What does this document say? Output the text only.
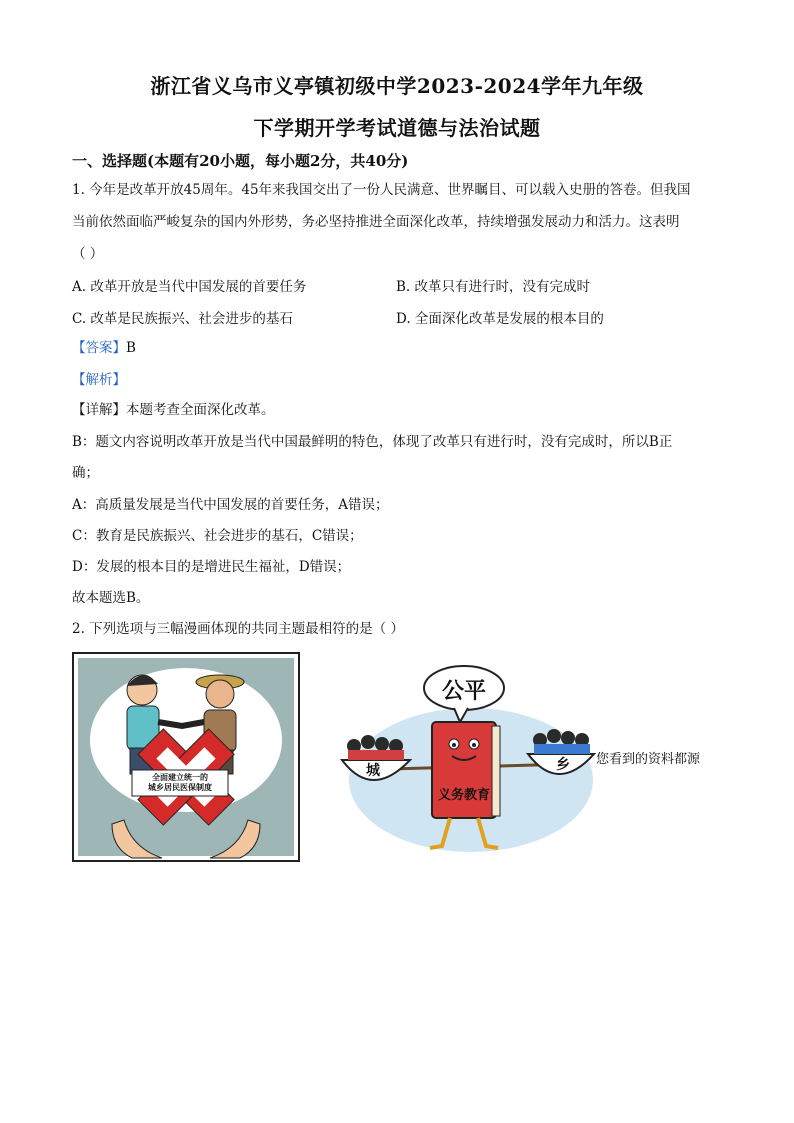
浙江省义乌市义亭镇初级中学2023-2024学年九年级
下学期开学考试道德与法治试题
一、选择题(本题有20小题，每小题2分，共40分)
1. 今年是改革开放45周年。45年来我国交出了一份人民满意、世界瞩目、可以载入史册的答卷。但我国
当前依然面临严峻复杂的国内外形势，务必坚持推进全面深化改革，持续增强发展动力和活力。这表明
（ ）
A. 改革开放是当代中国发展的首要任务	B. 改革只有进行时，没有完成时
C. 改革是民族振兴、社会进步的基石	D. 全面深化改革是发展的根本目的
【答案】B
【解析】
【详解】本题考查全面深化改革。
B：题文内容说明改革开放是当代中国最鲜明的特色，体现了改革只有进行时，没有完成时，所以B正
确；
A：高质量发展是当代中国发展的首要任务，A错误；
C：教育是民族振兴、社会进步的基石，C错误；
D：发展的根本目的是增进民生福祉，D错误；
故本题选B。
2. 下列选项与三幅漫画体现的共同主题最相符的是（ ）
全面建立统一的
城乡居民医保制度
公平
义务教育
城	乡 您看到的资料都源
